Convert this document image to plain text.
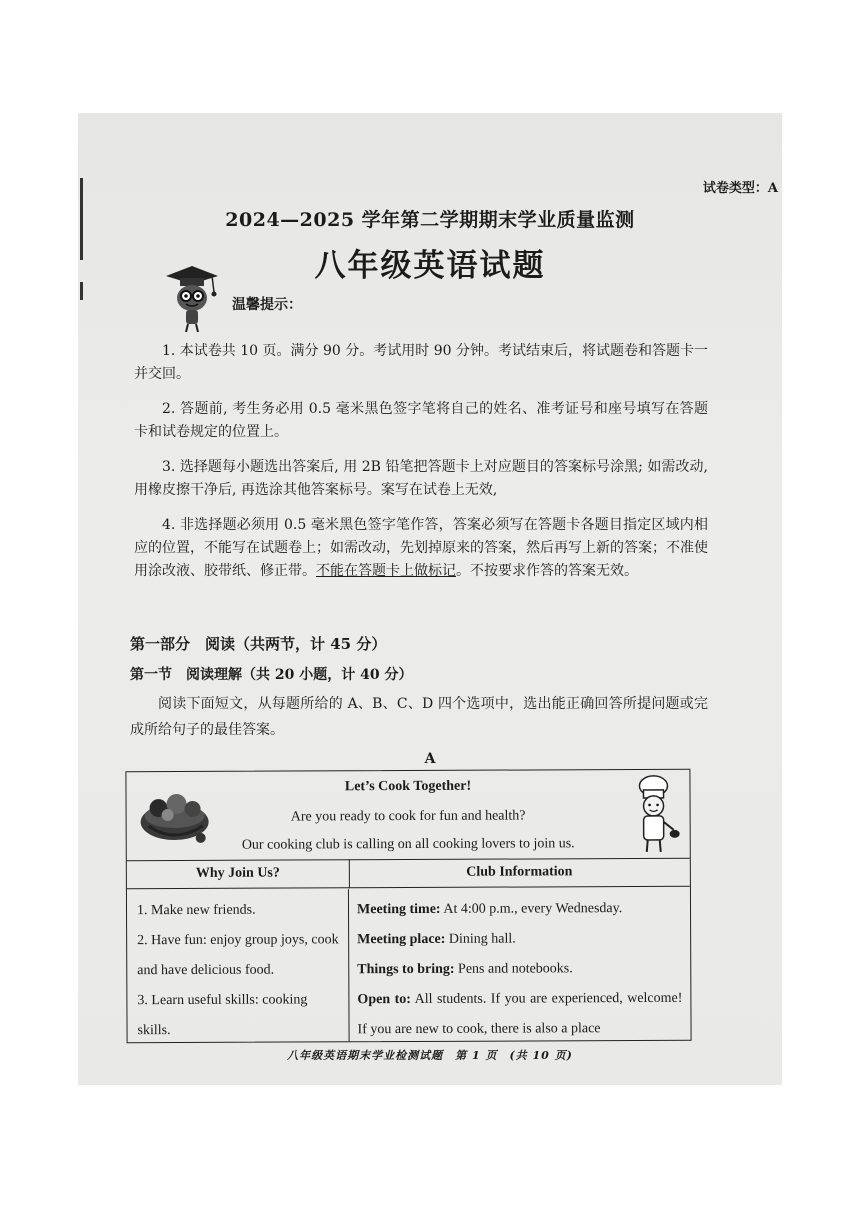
试卷类型：A
2024—2025 学年第二学期期末学业质量监测
八年级英语试题
温馨提示：

1. 本试卷共 10 页。满分 90 分。考试用时 90 分钟。考试结束后，将试题卷和答题卡一并交回。

2. 答题前, 考生务必用 0.5 毫米黑色签字笔将自己的姓名、准考证号和座号填写在答题卡和试卷规定的位置上。

3. 选择题每小题选出答案后, 用 2B 铅笔把答题卡上对应题目的答案标号涂黑; 如需改动, 用橡皮擦干净后, 再选涂其他答案标号。案写在试卷上无效,

4. 非选择题必须用 0.5 毫米黑色签字笔作答，答案必须写在答题卡各题目指定区域内相应的位置，不能写在试题卷上；如需改动，先划掉原来的答案，然后再写上新的答案；不准使用涂改液、胶带纸、修正带。不能在答题卡上做标记。不按要求作答的答案无效。

第一部分　阅读（共两节，计 45 分）
第一节　阅读理解（共 20 小题，计 40 分）
阅读下面短文，从每题所给的 A、B、C、D 四个选项中，选出能正确回答所提问题或完成所给句子的最佳答案。
A
Let’s Cook Together!
Are you ready to cook for fun and health?
Our cooking club is calling on all cooking lovers to join us.
Why Join Us?	Club Information
1. Make new friends.
2. Have fun: enjoy group joys, cook and have delicious food.
3. Learn useful skills: cooking skills.
Meeting time: At 4:00 p.m., every Wednesday.
Meeting place: Dining hall.
Things to bring: Pens and notebooks.
Open to: All students. If you are experienced, welcome! If you are new to cook, there is also a place
八年级英语期末学业检测试题　第 1 页　(共 10 页)
